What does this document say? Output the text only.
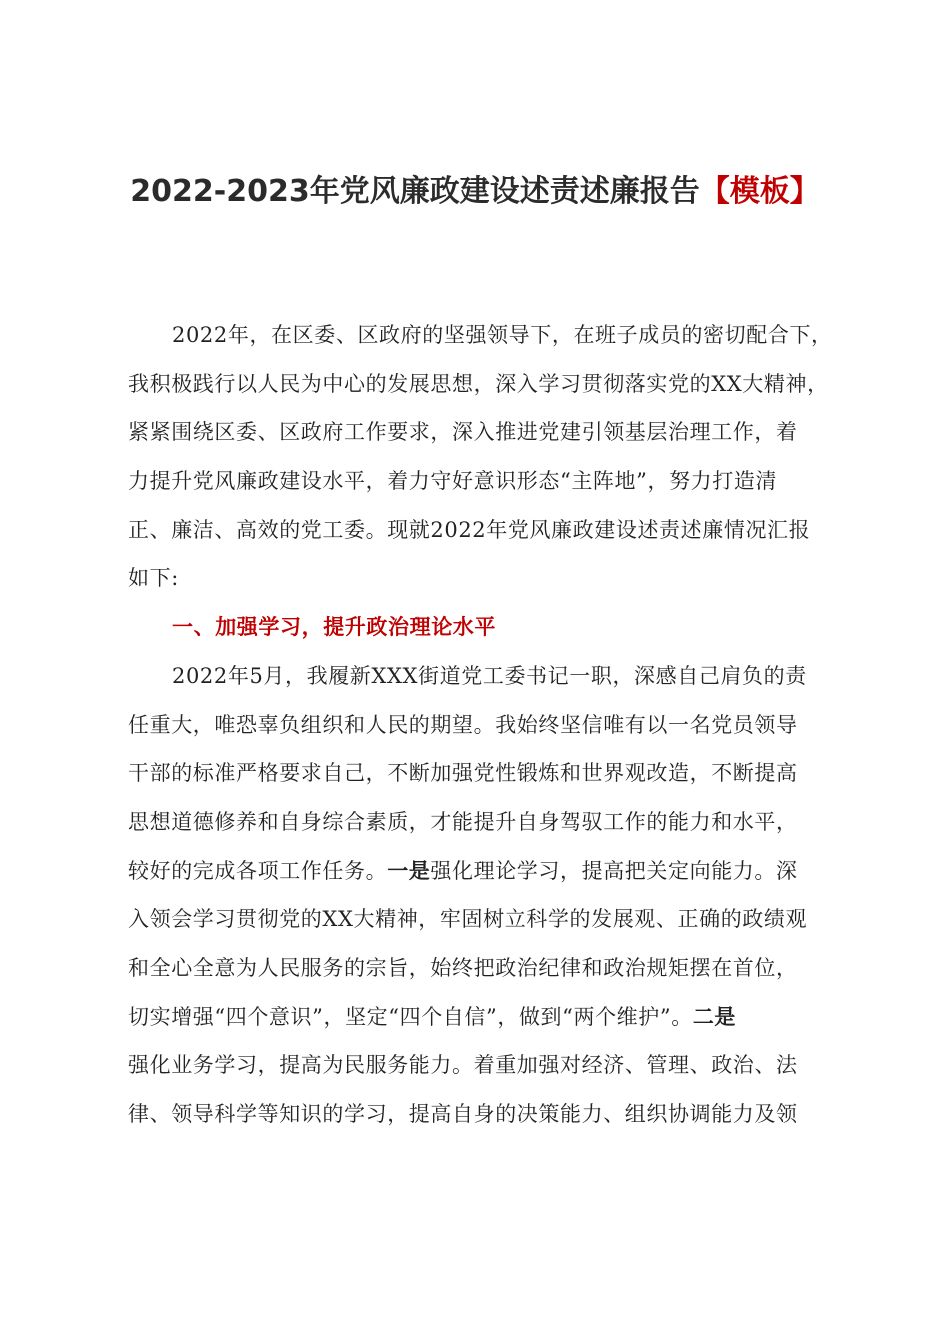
2022-2023年党风廉政建设述责述廉报告【模板】
2022年，在区委、区政府的坚强领导下，在班子成员的密切配合下，
我积极践行以人民为中心的发展思想，深入学习贯彻落实党的XX大精神，
紧紧围绕区委、区政府工作要求，深入推进党建引领基层治理工作，着
力提升党风廉政建设水平，着力守好意识形态“主阵地”，努力打造清
正、廉洁、高效的党工委。现就2022年党风廉政建设述责述廉情况汇报
如下:
一、加强学习，提升政治理论水平
2022年5月，我履新XXX街道党工委书记一职，深感自己肩负的责
任重大，唯恐辜负组织和人民的期望。我始终坚信唯有以一名党员领导
干部的标准严格要求自己，不断加强党性锻炼和世界观改造，不断提高
思想道德修养和自身综合素质，才能提升自身驾驭工作的能力和水平，
较好的完成各项工作任务。一是强化理论学习，提高把关定向能力。深
入领会学习贯彻党的XX大精神，牢固树立科学的发展观、正确的政绩观
和全心全意为人民服务的宗旨，始终把政治纪律和政治规矩摆在首位，
切实增强“四个意识”，坚定“四个自信”，做到“两个维护”。二是
强化业务学习，提高为民服务能力。着重加强对经济、管理、政治、法
律、领导科学等知识的学习，提高自身的决策能力、组织协调能力及领
